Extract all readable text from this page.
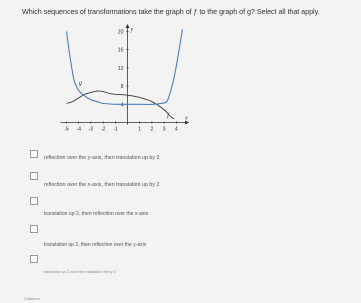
Which sequences of transformations take the graph of ƒ to the graph of g? Select all that apply.
x
y
-5 -4 -3 -2 -1	1 2 3 4
4
8
12
16
20
g
f
reflection over the y-axis, then translation up by 2
reflection over the x-axis, then translation up by 2
translation up 2, then reflection over the x-axis
translation up 2, then reflection over the y-axis
translation up 2, and then translation left by 5
Citations
